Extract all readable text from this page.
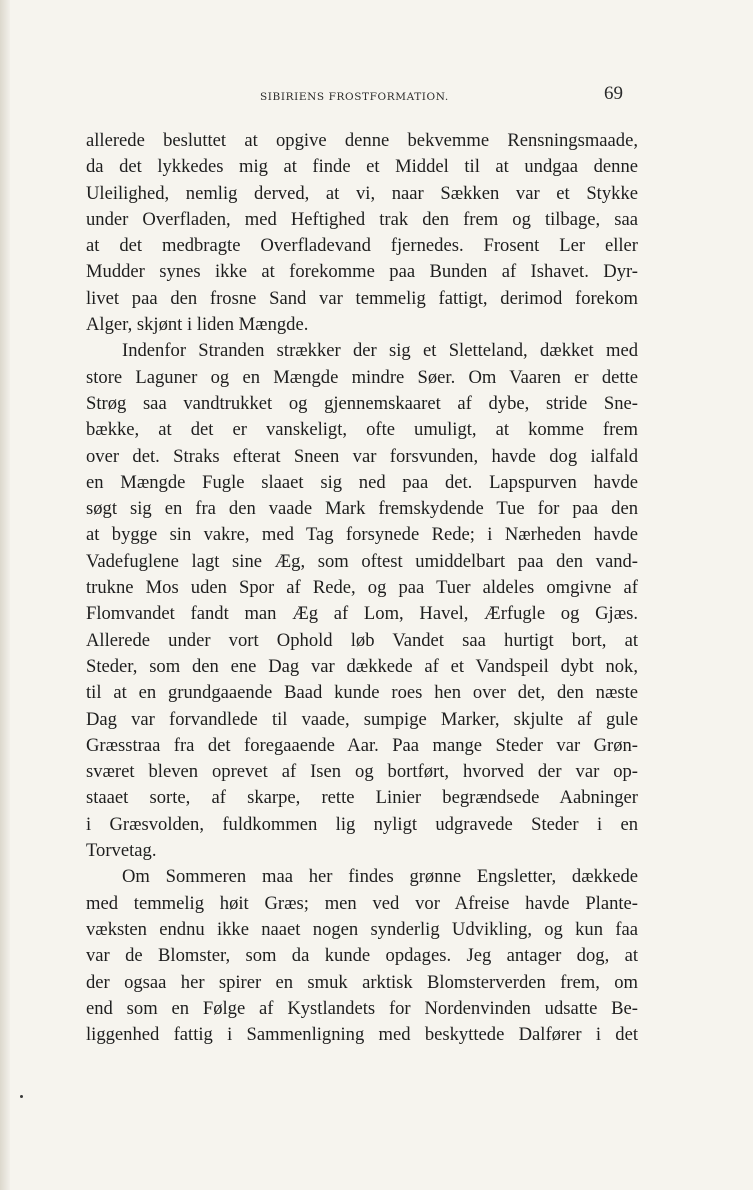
SIBIRIENS FROSTFORMATION.	69
allerede besluttet at opgive denne bekvemme Rensningsmaade,
da det lykkedes mig at finde et Middel til at undgaa denne
Uleilighed, nemlig derved, at vi, naar Sækken var et Stykke
under Overfladen, med Heftighed trak den frem og tilbage, saa
at det medbragte Overfladevand fjernedes. Frosent Ler eller
Mudder synes ikke at forekomme paa Bunden af Ishavet. Dyr-
livet paa den frosne Sand var temmelig fattigt, derimod forekom
Alger, skjønt i liden Mængde.
Indenfor Stranden strækker der sig et Sletteland, dækket med
store Laguner og en Mængde mindre Søer. Om Vaaren er dette
Strøg saa vandtrukket og gjennemskaaret af dybe, stride Sne-
bække, at det er vanskeligt, ofte umuligt, at komme frem
over det. Straks efterat Sneen var forsvunden, havde dog ialfald
en Mængde Fugle slaaet sig ned paa det. Lapspurven havde
søgt sig en fra den vaade Mark fremskydende Tue for paa den
at bygge sin vakre, med Tag forsynede Rede; i Nærheden havde
Vadefuglene lagt sine Æg, som oftest umiddelbart paa den vand-
trukne Mos uden Spor af Rede, og paa Tuer aldeles omgivne af
Flomvandet fandt man Æg af Lom, Havel, Ærfugle og Gjæs.
Allerede under vort Ophold løb Vandet saa hurtigt bort, at
Steder, som den ene Dag var dækkede af et Vandspeil dybt nok,
til at en grundgaaende Baad kunde roes hen over det, den næste
Dag var forvandlede til vaade, sumpige Marker, skjulte af gule
Græsstraa fra det foregaaende Aar. Paa mange Steder var Grøn-
sværet bleven oprevet af Isen og bortført, hvorved der var op-
staaet sorte, af skarpe, rette Linier begrændsede Aabninger
i Græsvolden, fuldkommen lig nyligt udgravede Steder i en
Torvetag.
Om Sommeren maa her findes grønne Engsletter, dækkede
med temmelig høit Græs; men ved vor Afreise havde Plante-
væksten endnu ikke naaet nogen synderlig Udvikling, og kun faa
var de Blomster, som da kunde opdages. Jeg antager dog, at
der ogsaa her spirer en smuk arktisk Blomsterverden frem, om
end som en Følge af Kystlandets for Nordenvinden udsatte Be-
liggenhed fattig i Sammenligning med beskyttede Dalfører i det
